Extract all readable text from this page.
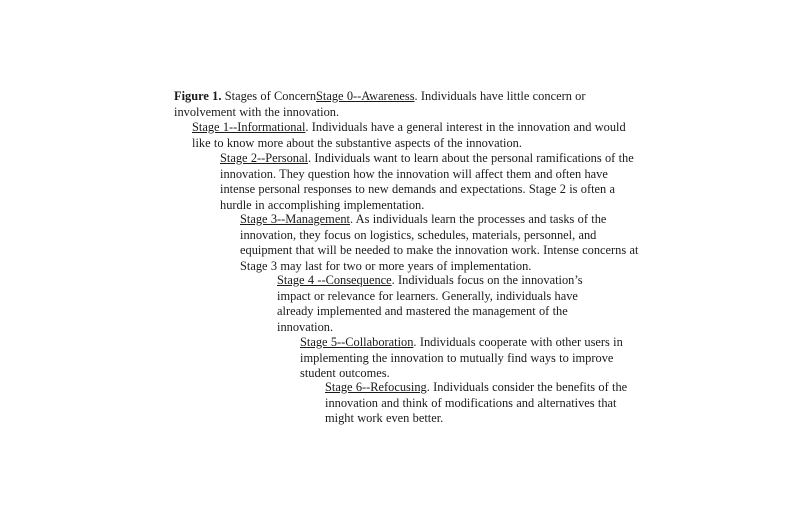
Figure 1. Stages of ConcernStage 0--Awareness. Individuals have little concern or involvement with the innovation.
Stage 1--Informational. Individuals have a general interest in the innovation and would like to know more about the substantive aspects of the innovation.
Stage 2--Personal. Individuals want to learn about the personal ramifications of the innovation. They question how the innovation will affect them and often have intense personal responses to new demands and expectations. Stage 2 is often a hurdle in accomplishing implementation.
Stage 3--Management. As individuals learn the processes and tasks of the innovation, they focus on logistics, schedules, materials, personnel, and equipment that will be needed to make the innovation work. Intense concerns at Stage 3 may last for two or more years of implementation.
Stage 4 --Consequence. Individuals focus on the innovation’s impact or relevance for learners. Generally, individuals have already implemented and mastered the management of the innovation.
Stage 5--Collaboration. Individuals cooperate with other users in implementing the innovation to mutually find ways to improve student outcomes.
Stage 6--Refocusing. Individuals consider the benefits of the innovation and think of modifications and alternatives that might work even better.
